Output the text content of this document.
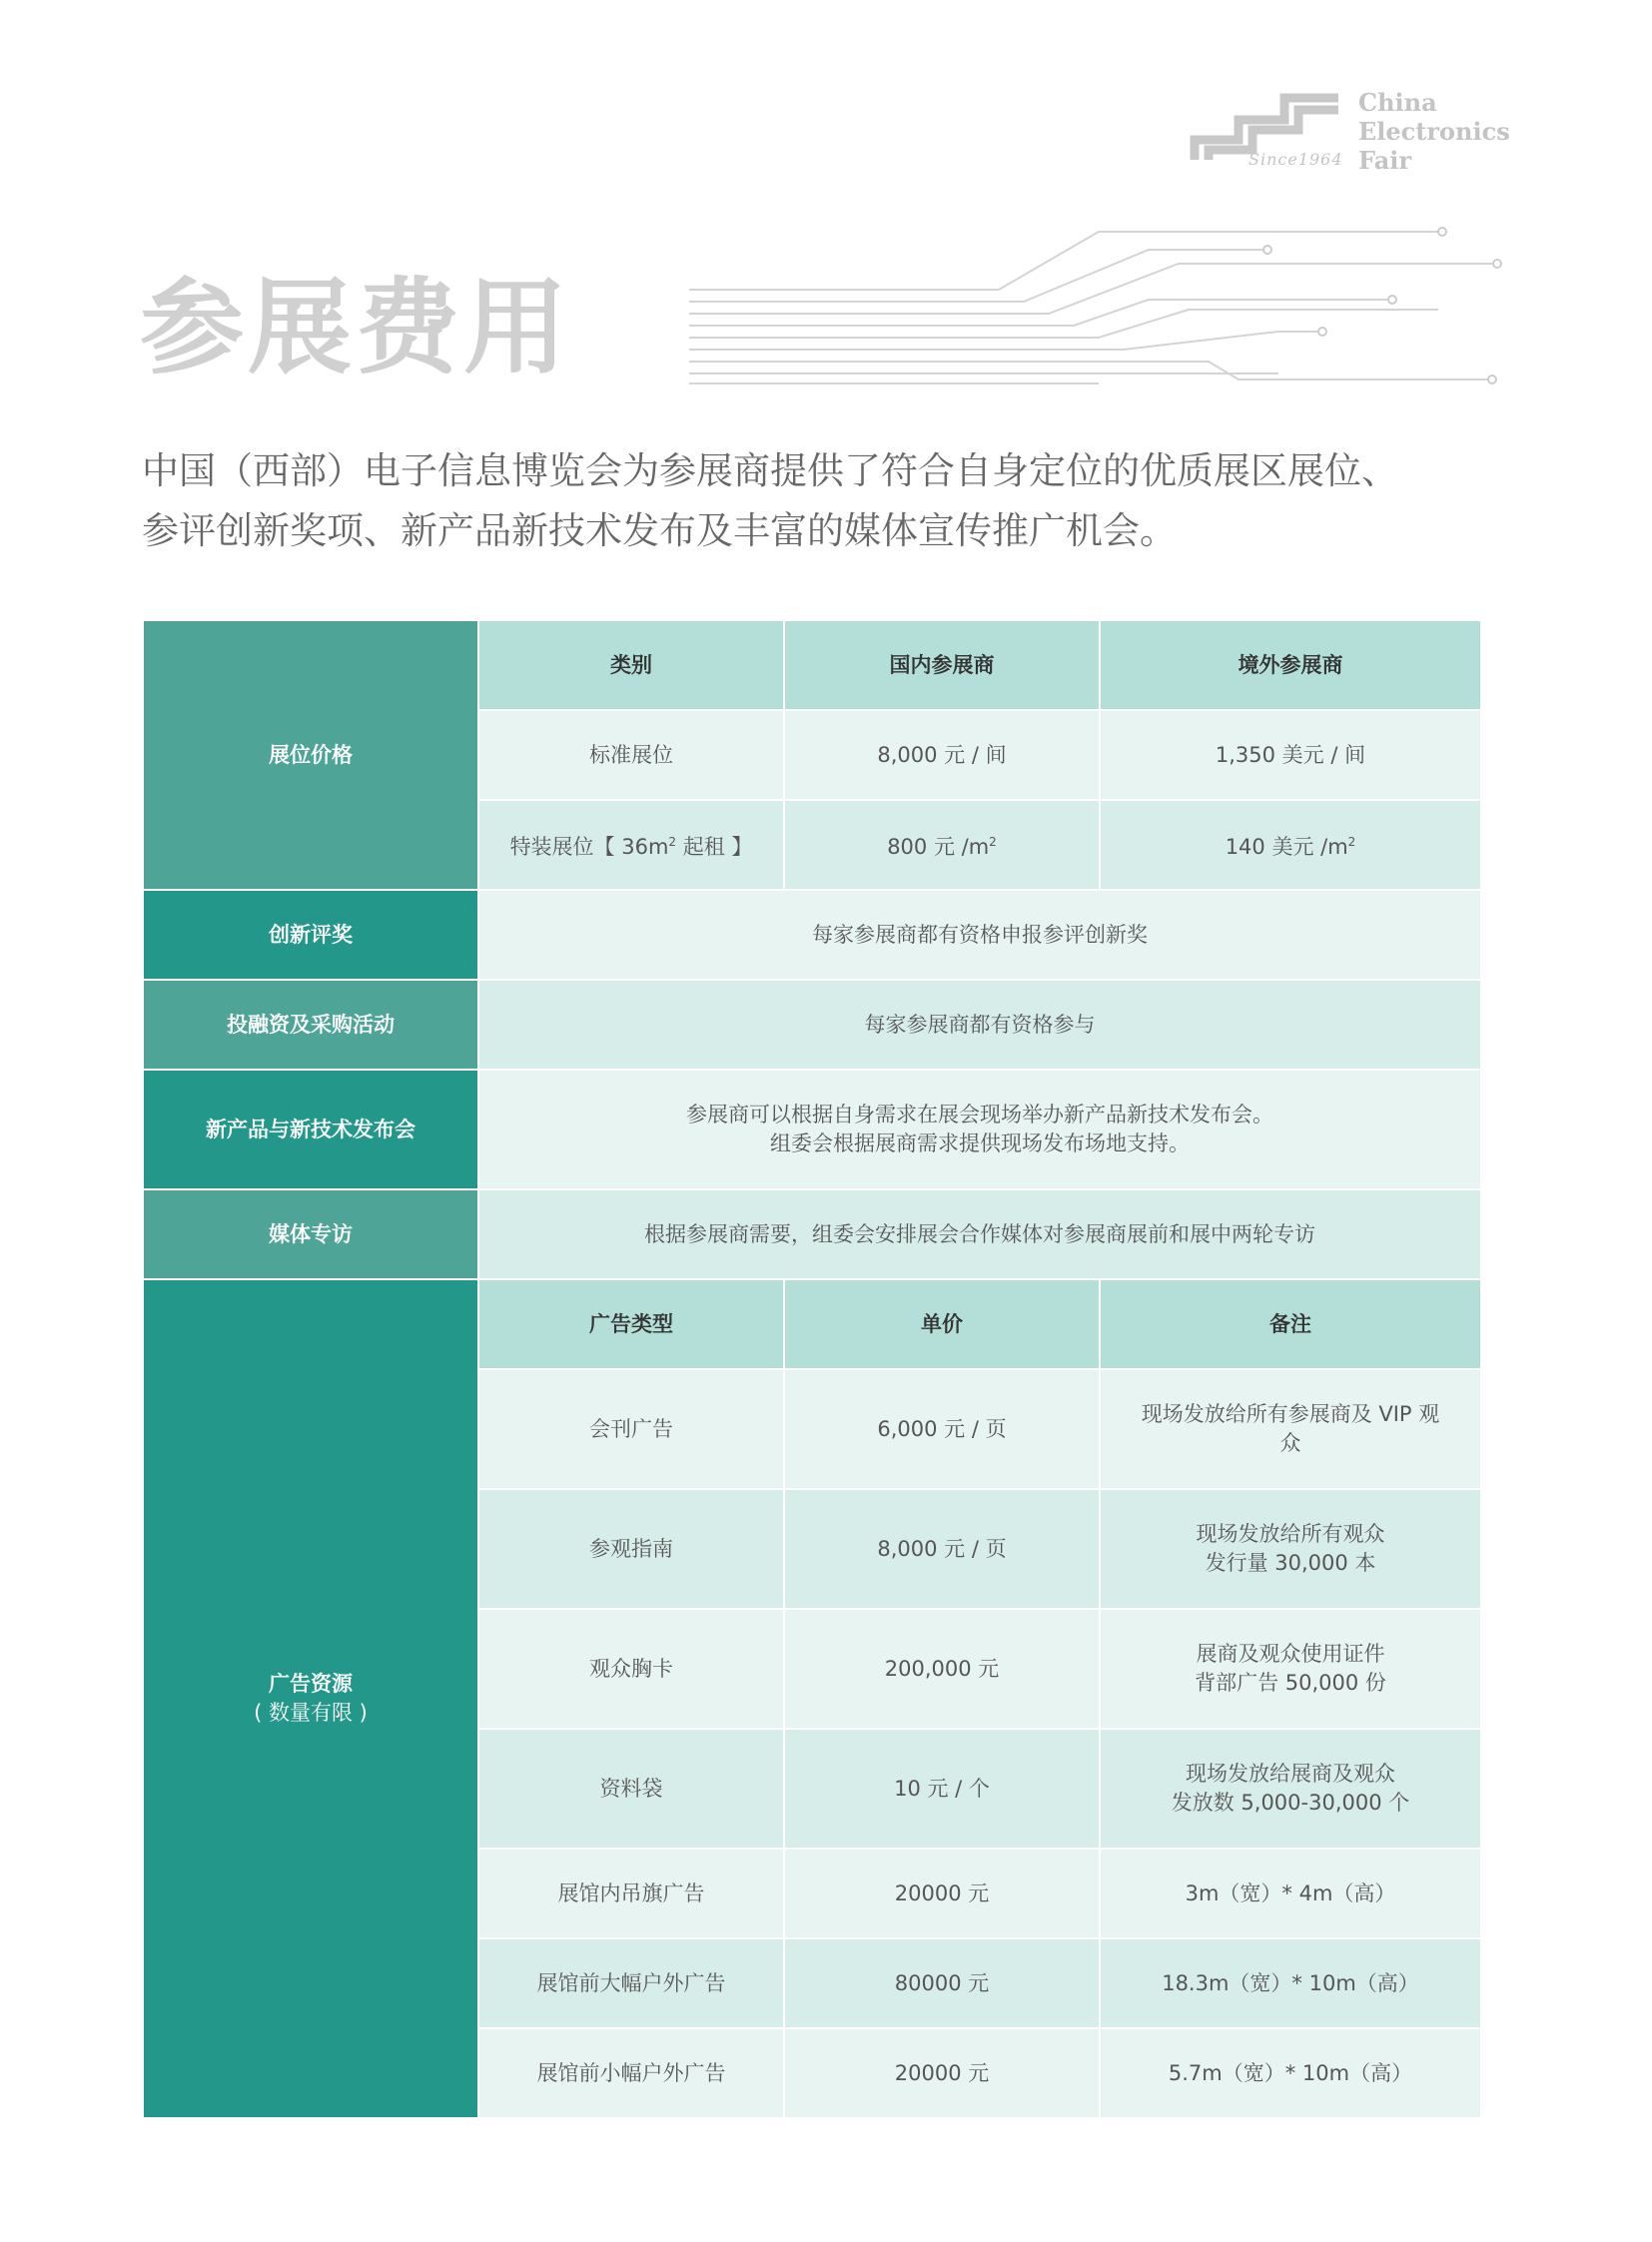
Since1964
China
Electronics
Fair
参展费用
中国（西部）电子信息博览会为参展商提供了符合自身定位的优质展区展位、
参评创新奖项、新产品新技术发布及丰富的媒体宣传推广机会。
展位价格	类别	国内参展商	境外参展商
	标准展位	8,000 元 / 间	1,350 美元 / 间
	特装展位【 $36m^2$ 起租 】	800 元 $/m^2$	140 美元 $/m^2$
创新评奖	每家参展商都有资格申报参评创新奖		
投融资及采购活动	每家参展商都有资格参与		
新产品与新技术发布会	参展商可以根据自身需求在展会现场举办新产品新技术发布会。
组委会根据展商需求提供现场发布场地支持。		

媒体专访	根据参展商需要，组委会安排展会合作媒体对参展商展前和展中两轮专访		
广告资源
( 数量有限 )	广告类型	单价	备注
	会刊广告	6,000 元 / 页	现场发放给所有参展商及 VIP 观
众

	参观指南	8,000 元 / 页	现场发放给所有观众
发行量 30,000 本

	观众胸卡	200,000 元	展商及观众使用证件
背部广告 50,000 份

	资料袋	10 元 / 个	现场发放给展商及观众
发放数 5,000-30,000 个

	展馆内吊旗广告	20000 元	3m（宽）* 4m（高）
	展馆前大幅户外广告	80000 元	18.3m（宽）* 10m（高）
	展馆前小幅户外广告	20000 元	5.7m（宽）* 10m（高）
